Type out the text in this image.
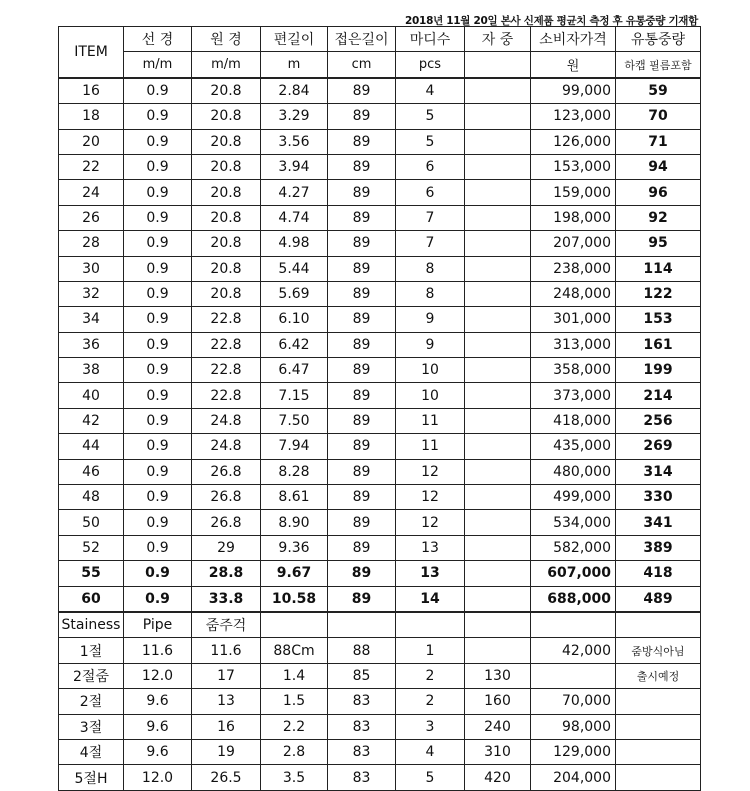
2018년 11월 20일 본사 신제품 평균치 측정 후 유통중량 기재함
ITEM	선 경	원 경	편길이	접은길이	마디수	자 중	소비자가격	유통중량
	m/m	m/m	m	cm	pcs		원	하캡 필름포함
16	0.9	20.8	2.84	89	4		99,000	59
18	0.9	20.8	3.29	89	5		123,000	70
20	0.9	20.8	3.56	89	5		126,000	71
22	0.9	20.8	3.94	89	6		153,000	94
24	0.9	20.8	4.27	89	6		159,000	96
26	0.9	20.8	4.74	89	7		198,000	92
28	0.9	20.8	4.98	89	7		207,000	95
30	0.9	20.8	5.44	89	8		238,000	114
32	0.9	20.8	5.69	89	8		248,000	122
34	0.9	22.8	6.10	89	9		301,000	153
36	0.9	22.8	6.42	89	9		313,000	161
38	0.9	22.8	6.47	89	10		358,000	199
40	0.9	22.8	7.15	89	10		373,000	214
42	0.9	24.8	7.50	89	11		418,000	256
44	0.9	24.8	7.94	89	11		435,000	269
46	0.9	26.8	8.28	89	12		480,000	314
48	0.9	26.8	8.61	89	12		499,000	330
50	0.9	26.8	8.90	89	12		534,000	341
52	0.9	29	9.36	89	13		582,000	389
55	0.9	28.8	9.67	89	13		607,000	418
60	0.9	33.8	10.58	89	14		688,000	489
Stainess	Pipe	줌주걱						
1절	11.6	11.6	88Cm	88	1		42,000	줌방식아님
2절줌	12.0	17	1.4	85	2	130		출시예정
2절	9.6	13	1.5	83	2	160	70,000	
3절	9.6	16	2.2	83	3	240	98,000	
4절	9.6	19	2.8	83	4	310	129,000	
5절H	12.0	26.5	3.5	83	5	420	204,000	
